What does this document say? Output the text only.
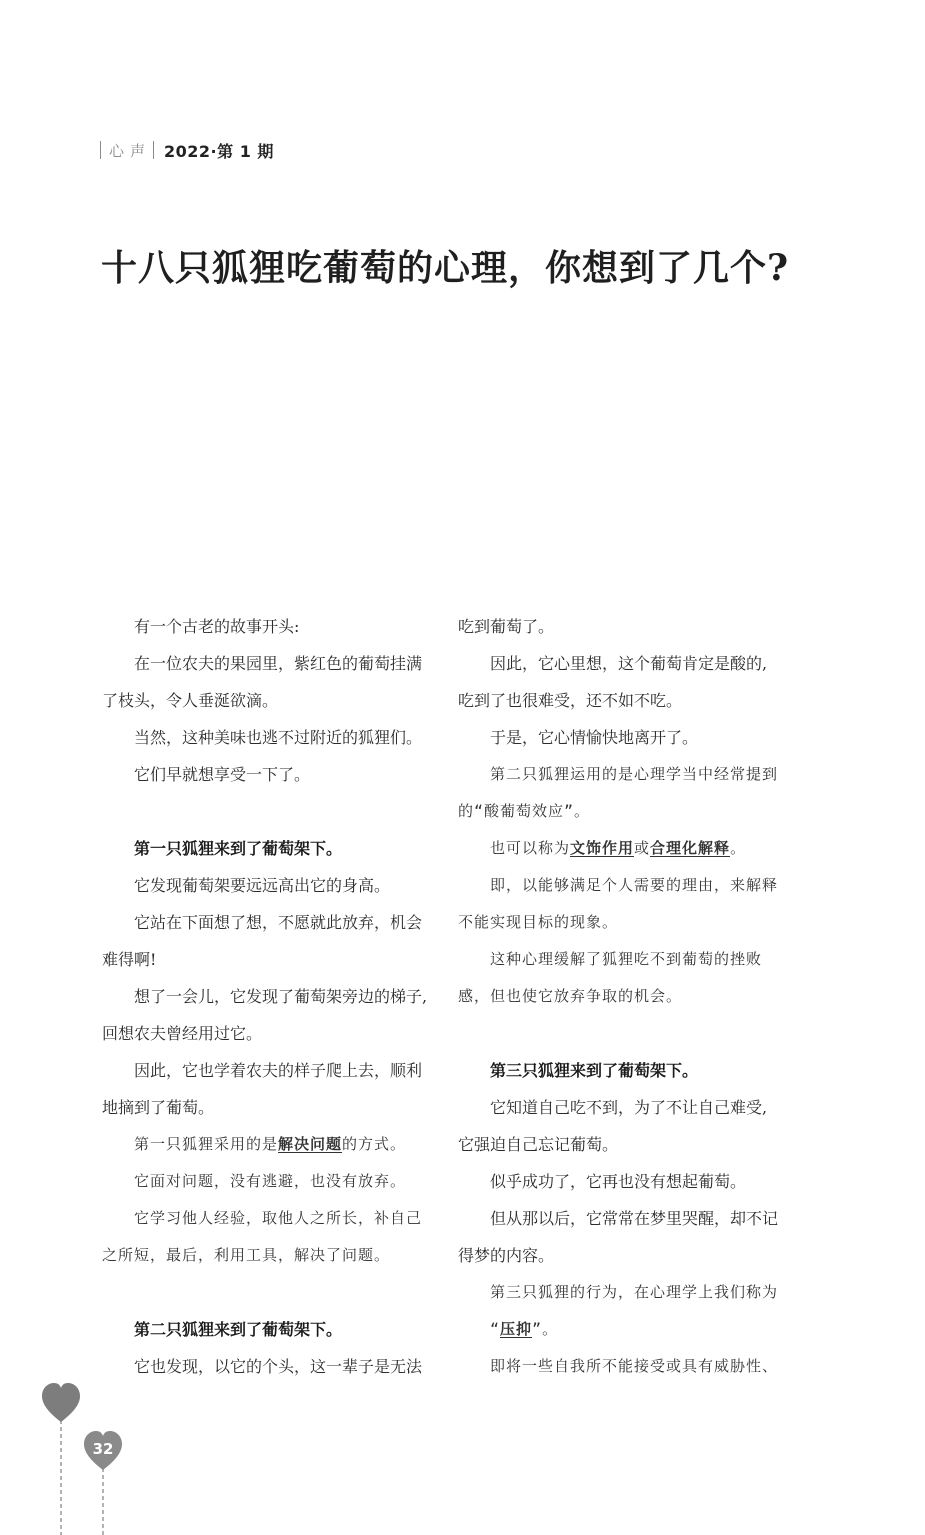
心声 2022·第 1 期
十八只狐狸吃葡萄的心理，你想到了几个?

有一个古老的故事开头:

在一位农夫的果园里，紫红色的葡萄挂满

了枝头，令人垂涎欲滴。

当然，这种美味也逃不过附近的狐狸们。

它们早就想享受一下了。

第一只狐狸来到了葡萄架下。

它发现葡萄架要远远高出它的身高。

它站在下面想了想，不愿就此放弃，机会

难得啊!

想了一会儿，它发现了葡萄架旁边的梯子,

回想农夫曾经用过它。

因此，它也学着农夫的样子爬上去，顺利

地摘到了葡萄。

第一只狐狸采用的是解决问题的方式。

它面对问题，没有逃避，也没有放弃。

它学习他人经验，取他人之所长，补自己

之所短，最后，利用工具，解决了问题。

第二只狐狸来到了葡萄架下。

它也发现，以它的个头，这一辈子是无法

吃到葡萄了。

因此，它心里想，这个葡萄肯定是酸的,

吃到了也很难受，还不如不吃。

于是，它心情愉快地离开了。

第二只狐狸运用的是心理学当中经常提到

的“酸葡萄效应”。

也可以称为文饰作用或合理化解释。

即，以能够满足个人需要的理由，来解释

不能实现目标的现象。

这种心理缓解了狐狸吃不到葡萄的挫败

感，但也使它放弃争取的机会。

第三只狐狸来到了葡萄架下。

它知道自己吃不到，为了不让自己难受,

它强迫自己忘记葡萄。

似乎成功了，它再也没有想起葡萄。

但从那以后，它常常在梦里哭醒，却不记

得梦的内容。

第三只狐狸的行为，在心理学上我们称为

“压抑”。

即将一些自我所不能接受或具有威胁性、

32
